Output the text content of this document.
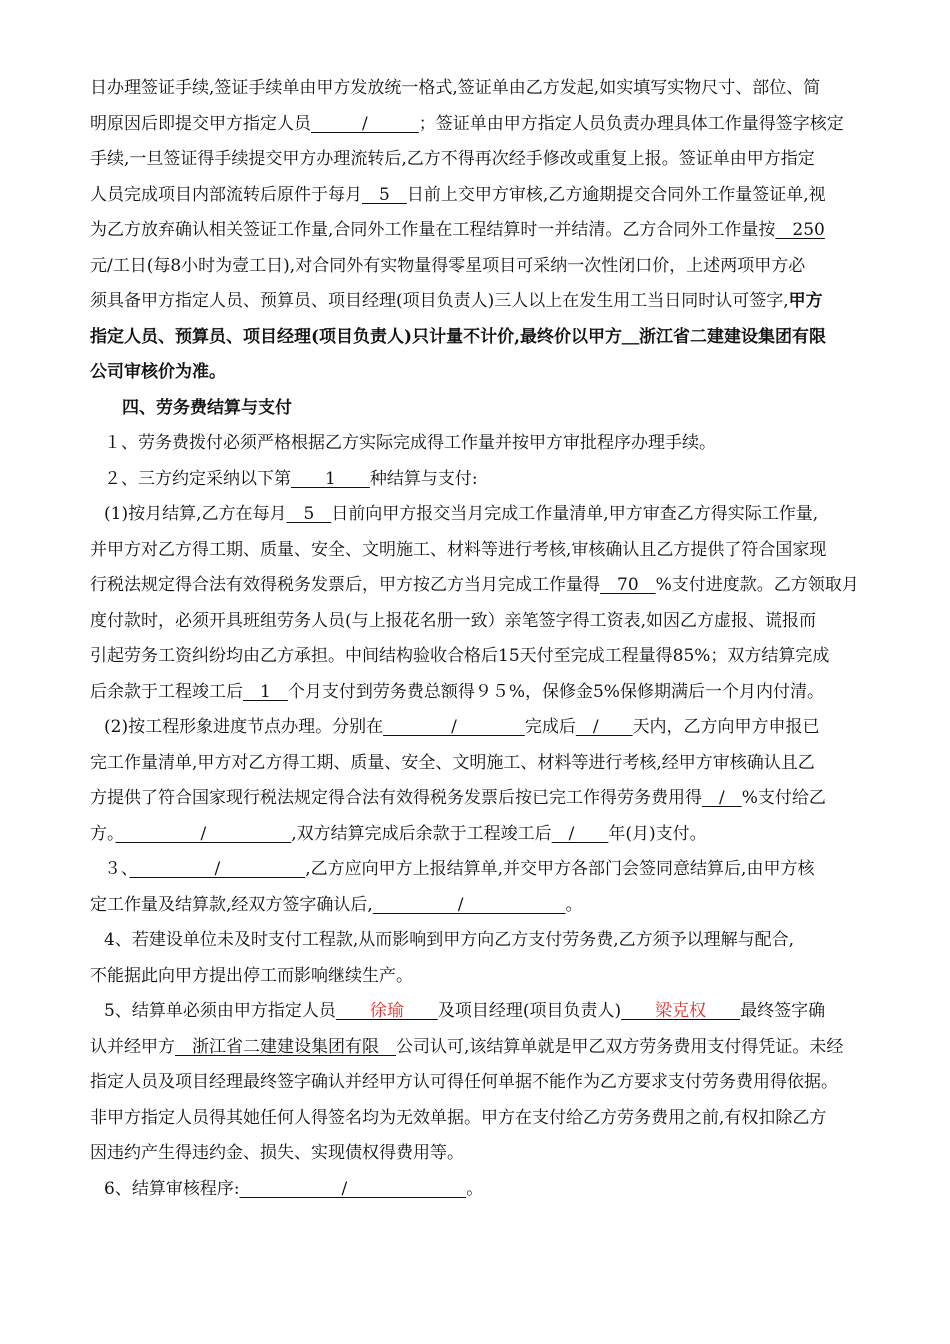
日办理签证手续,签证手续单由甲方发放统一格式,签证单由乙方发起,如实填写实物尺寸、部位、简
明原因后即提交甲方指定人员　　　/　　　；签证单由甲方指定人员负责办理具体工作量得签字核定
手续,一旦签证得手续提交甲方办理流转后,乙方不得再次经手修改或重复上报。签证单由甲方指定
人员完成项目内部流转后原件于每月　5　日前上交甲方审核,乙方逾期提交合同外工作量签证单,视
为乙方放弃确认相关签证工作量,合同外工作量在工程结算时一并结清。乙方合同外工作量按　250
元/工日(每8小时为壹工日),对合同外有实物量得零星项目可采纳一次性闭口价，上述两项甲方必
须具备甲方指定人员、预算员、项目经理(项目负责人)三人以上在发生用工当日同时认可签字,甲方
指定人员、预算员、项目经理(项目负责人)只计量不计价,最终价以甲方＿浙江省二建建设集团有限
公司审核价为准。
四、劳务费结算与支付
１、劳务费拨付必须严格根据乙方实际完成得工作量并按甲方审批程序办理手续。
２、三方约定采纳以下第　　1　　种结算与支付:
(1)按月结算,乙方在每月　5　日前向甲方报交当月完成工作量清单,甲方审查乙方得实际工作量,
并甲方对乙方得工期、质量、安全、文明施工、材料等进行考核,审核确认且乙方提供了符合国家现
行税法规定得合法有效得税务发票后，甲方按乙方当月完成工作量得　70　%支付进度款。乙方领取月
度付款时，必须开具班组劳务人员(与上报花名册一致）亲笔签字得工资表,如因乙方虚报、谎报而
引起劳务工资纠纷均由乙方承担。中间结构验收合格后15天付至完成工程量得85%；双方结算完成
后余款于工程竣工后　1　个月支付到劳务费总额得９５%，保修金5%保修期满后一个月内付清。
(2)按工程形象进度节点办理。分别在　　　　/　　　　完成后　/　　天内，乙方向甲方申报已
完工作量清单,甲方对乙方得工期、质量、安全、文明施工、材料等进行考核,经甲方审核确认且乙
方提供了符合国家现行税法规定得合法有效得税务发票后按已完工作得劳务费用得　/　%支付给乙
方。　　　　　/　　　　　,双方结算完成后余款于工程竣工后　/　　年(月)支付。
３、　　　　　/　　　　　,乙方应向甲方上报结算单,并交甲方各部门会签同意结算后,由甲方核
定工作量及结算款,经双方签字确认后,　　　　　/　　　　　　。
4、若建设单位未及时支付工程款,从而影响到甲方向乙方支付劳务费,乙方须予以理解与配合,
不能据此向甲方提出停工而影响继续生产。
5、结算单必须由甲方指定人员　　 徐瑜　　 及项目经理(项目负责人)　　 梁克权　　 最终签字确
认并经甲方　浙江省二建建设集团有限　公司认可,该结算单就是甲乙双方劳务费用支付得凭证。未经
指定人员及项目经理最终签字确认并经甲方认可得任何单据不能作为乙方要求支付劳务费用得依据。
非甲方指定人员得其她任何人得签名均为无效单据。甲方在支付给乙方劳务费用之前,有权扣除乙方
因违约产生得违约金、损失、实现债权得费用等。
6、结算审核程序:　　　　　　/　　　　　　　。
